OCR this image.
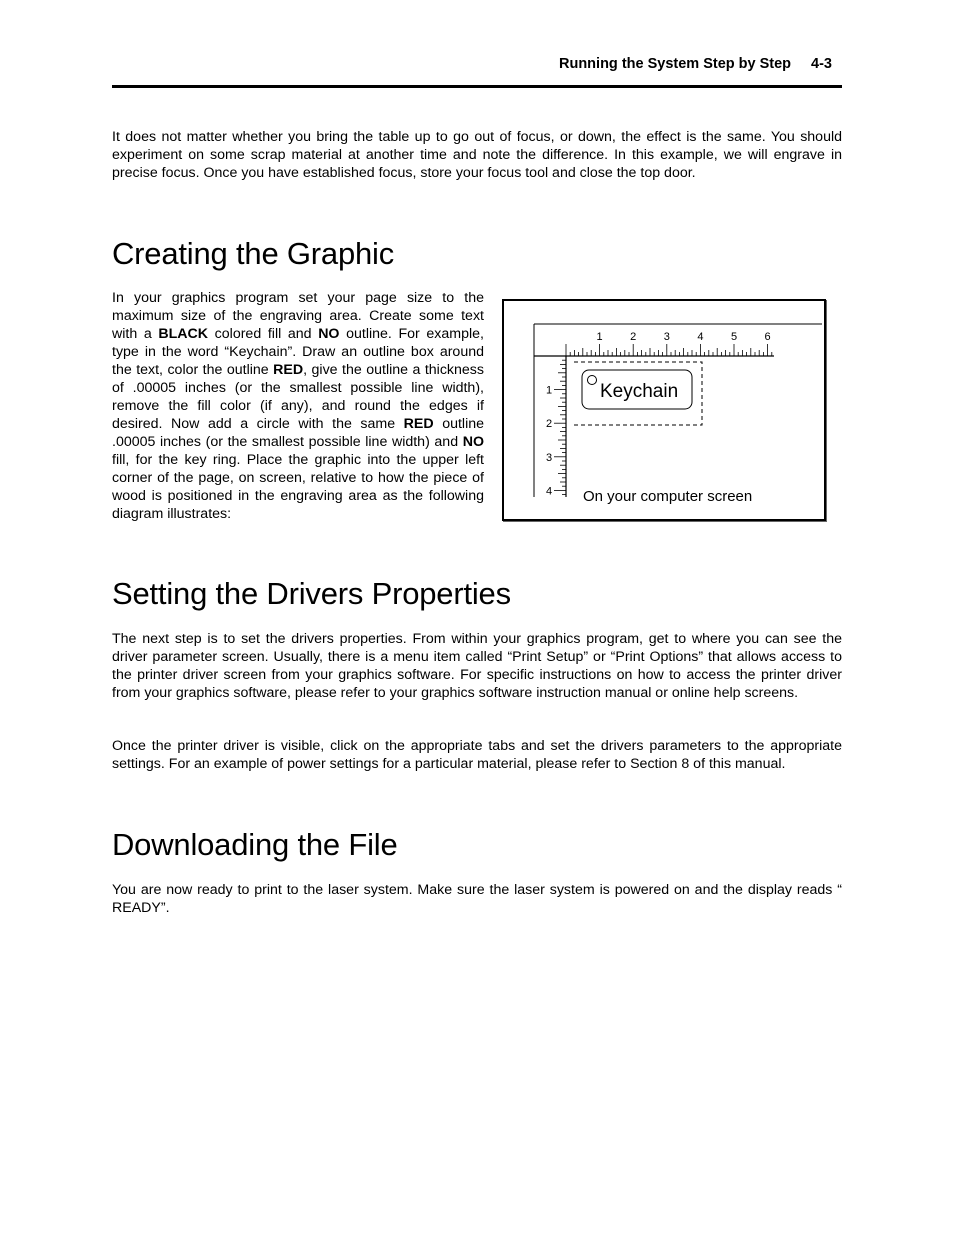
Running the System Step by Step 4-3

It does not matter whether you bring the table up to go out of focus, or down, the effect is the same. You should experiment on some scrap material at another time and note the difference. In this example, we will engrave in precise focus. Once you have established focus, store your focus tool and close the top door.

Creating the Graphic

In your graphics program set your page size to the maximum size of the engraving area. Create some text with a BLACK colored fill and NO outline. For example, type in the word “Keychain”. Draw an outline box around the text, color the outline RED, give the outline a thickness of .00005 inches (or the smallest possible line width), remove the fill color (if any), and round the edges if desired. Now add a circle with the same RED outline .00005 inches (or the smallest possible line width) and NO fill, for the key ring. Place the graphic into the upper left corner of the page, on screen, relative to how the piece of wood is positioned in the engraving area as the following diagram illustrates:

1 2 3 4 5 6
1
2
3
4
Keychain
On your computer screen
Setting the Drivers Properties

The next step is to set the drivers properties. From within your graphics program, get to where you can see the driver parameter screen. Usually, there is a menu item called “Print Setup” or “Print Options” that allows access to the printer driver screen from your graphics software. For specific instructions on how to access the printer driver from your graphics software, please refer to your graphics software instruction manual or online help screens.

Once the printer driver is visible, click on the appropriate tabs and set the drivers parameters to the appropriate settings. For an example of power settings for a particular material, please refer to Section 8 of this manual.

Downloading the File

You are now ready to print to the laser system. Make sure the laser system is powered on and the display reads “ READY”.
